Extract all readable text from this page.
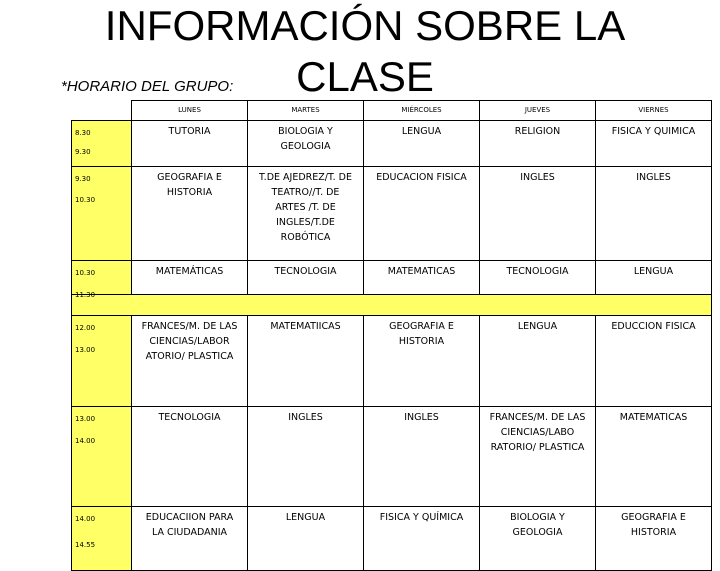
INFORMACIÓN SOBRE LA CLASE
*HORARIO DEL GRUPO:
	LUNES	MARTES	MIÉRCOLES	JUEVES	VIERNES

8.30
9.30	TUTORIA	BIOLOGIA Y GEOLOGIA	LENGUA	RELIGION	FISICA Y QUIMICA

9.30
10.30	GEOGRAFIA E HISTORIA	T.DE AJEDREZ/T. DE TEATRO//T. DE ARTES /T. DE INGLES/T.DE ROBÓTICA	EDUCACION FISICA	INGLES	INGLES

10.30
11.30	MATEMÁTICAS	TECNOLOGIA	MATEMATICAS	TECNOLOGIA	LENGUA

12.00
13.00	FRANCES/M. DE LAS CIENCIAS/LABOR ATORIO/ PLASTICA	MATEMATIICAS	GEOGRAFIA E HISTORIA	LENGUA	EDUCCION FISICA

13.00
14.00	TECNOLOGIA	INGLES	INGLES	FRANCES/M. DE LAS CIENCIAS/LABO RATORIO/ PLASTICA	MATEMATICAS

14.00
14.55	EDUCACIION PARA LA CIUDADANIA	LENGUA	FISICA Y QUÍMICA	BIOLOGIA Y GEOLOGIA	GEOGRAFIA E HISTORIA
